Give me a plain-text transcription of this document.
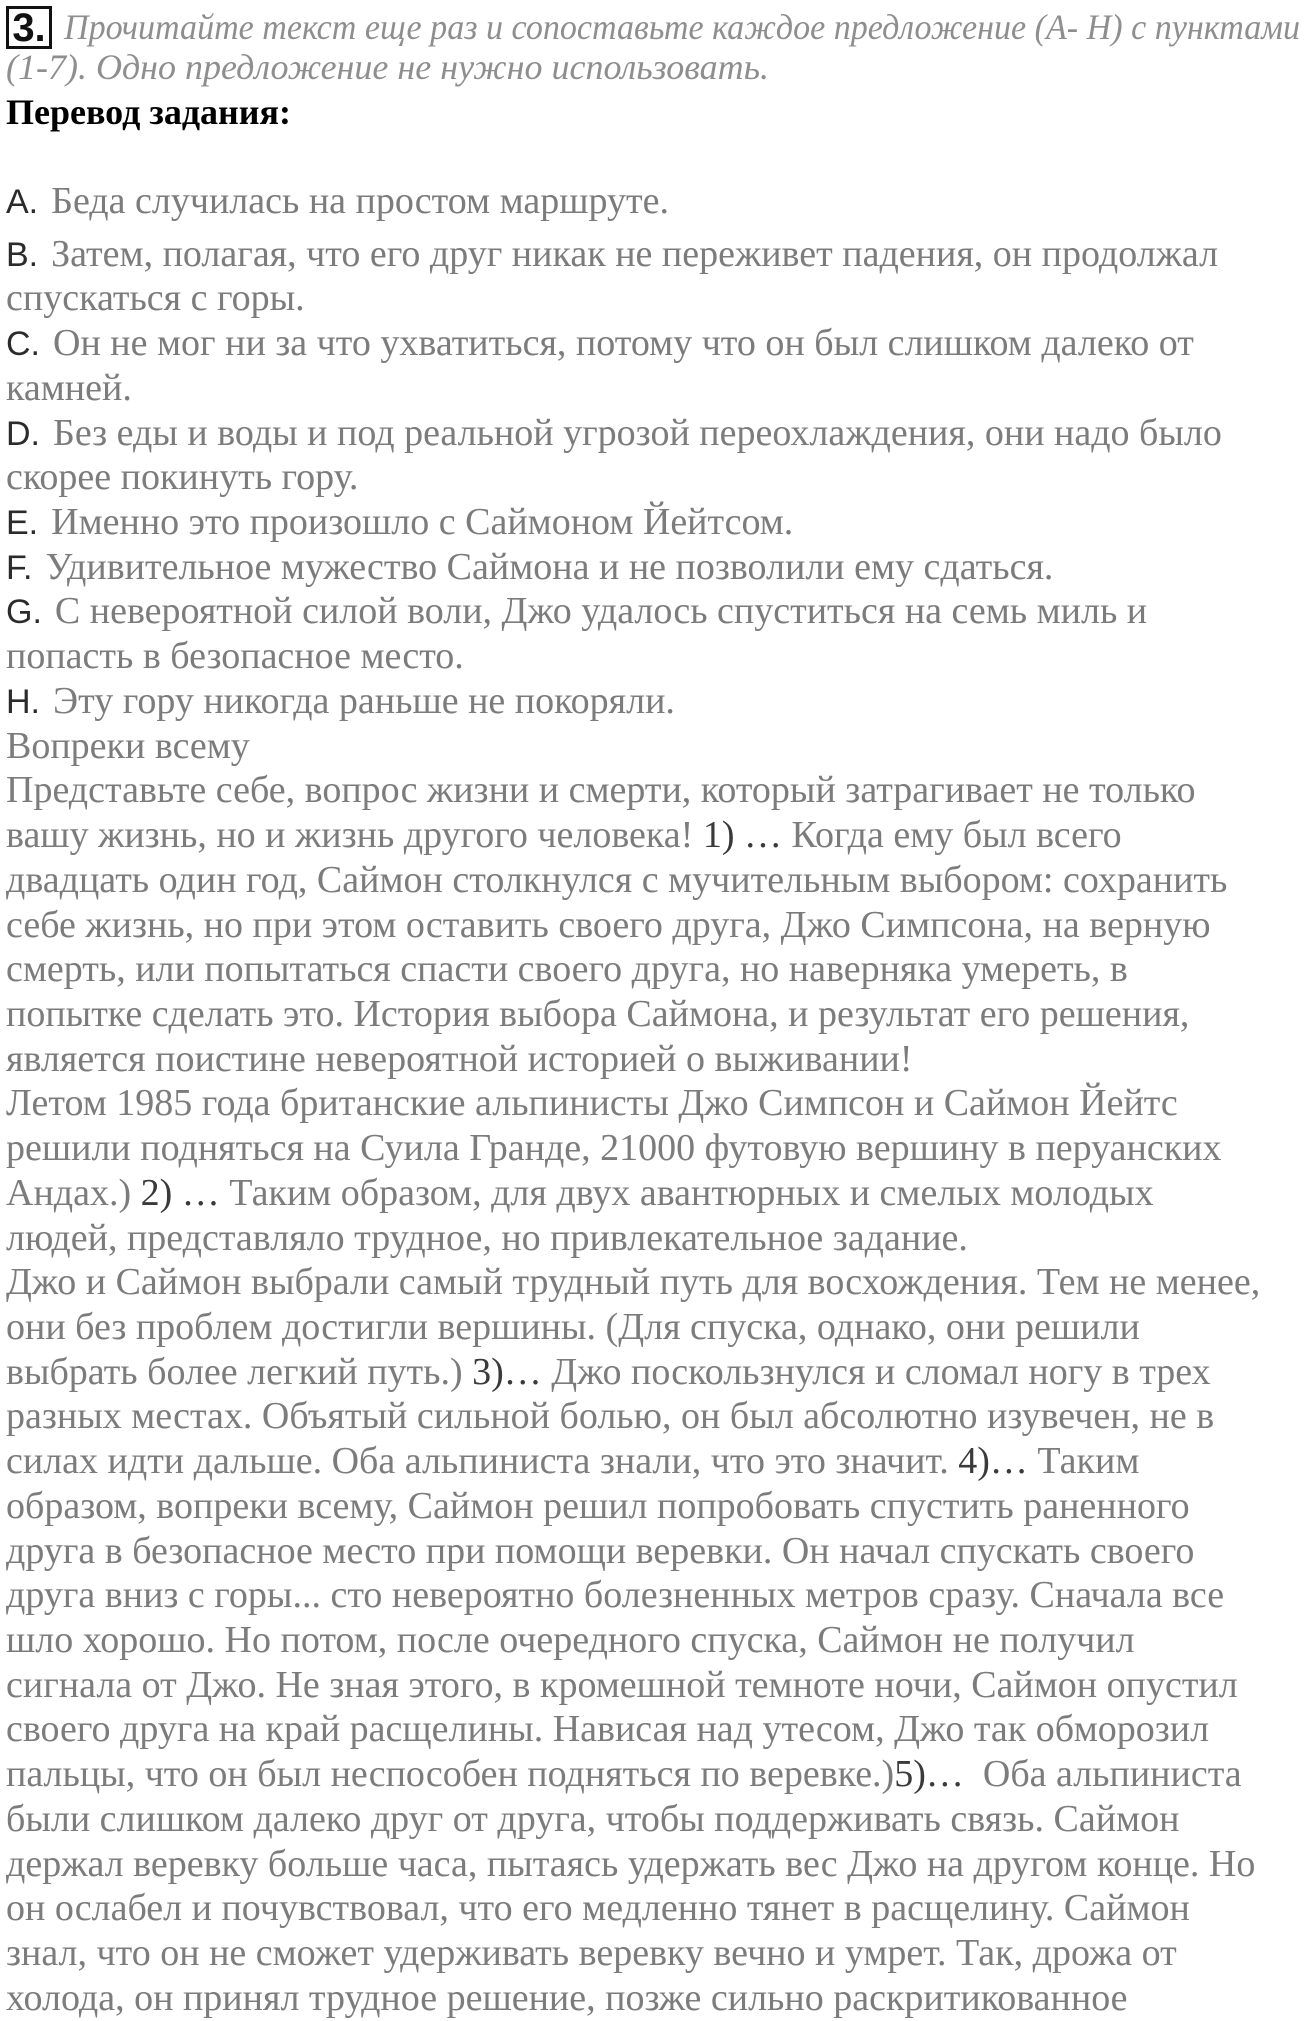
3. Прочитайте текст еще раз и сопоставьте каждое предложение (А- Н) с пунктами
(1-7). Одно предложение не нужно использовать.
Перевод задания:
A. Беда случилась на простом маршруте.
B. Затем, полагая, что его друг никак не переживет падения, он продолжал
спускаться с горы.
C. Он не мог ни за что ухватиться, потому что он был слишком далеко от
камней.
D. Без еды и воды и под реальной угрозой переохлаждения, они надо было
скорее покинуть гору.
E. Именно это произошло с Саймоном Йейтсом.
F. Удивительное мужество Саймона и не позволили ему сдаться.
G. С невероятной силой воли, Джо удалось спуститься на семь миль и
попасть в безопасное место.
H. Эту гору никогда раньше не покоряли.
Вопреки всему
Представьте себе, вопрос жизни и смерти, который затрагивает не только
вашу жизнь, но и жизнь другого человека! 1) … Когда ему был всего
двадцать один год, Саймон столкнулся с мучительным выбором: сохранить
себе жизнь, но при этом оставить своего друга, Джо Симпсона, на верную
смерть, или попытаться спасти своего друга, но наверняка умереть, в
попытке сделать это. История выбора Саймона, и результат его решения,
является поистине невероятной историей о выживании!
Летом 1985 года британские альпинисты Джо Симпсон и Саймон Йейтс
решили подняться на Суила Гранде, 21000 футовую вершину в перуанских
Андах.) 2) … Таким образом, для двух авантюрных и смелых молодых
людей, представляло трудное, но привлекательное задание.
Джо и Саймон выбрали самый трудный путь для восхождения. Тем не менее,
они без проблем достигли вершины. (Для спуска, однако, они решили
выбрать более легкий путь.) 3)… Джо поскользнулся и сломал ногу в трех
разных местах. Объятый сильной болью, он был абсолютно изувечен, не в
силах идти дальше. Оба альпиниста знали, что это значит. 4)… Таким
образом, вопреки всему, Саймон решил попробовать спустить раненного
друга в безопасное место при помощи веревки. Он начал спускать своего
друга вниз с горы... сто невероятно болезненных метров сразу. Сначала все
шло хорошо. Но потом, после очередного спуска, Саймон не получил
сигнала от Джо. Не зная этого, в кромешной темноте ночи, Саймон опустил
своего друга на край расщелины. Нависая над утесом, Джо так обморозил
пальцы, что он был неспособен подняться по веревке.)5)…  Оба альпиниста
были слишком далеко друг от друга, чтобы поддерживать связь. Саймон
держал веревку больше часа, пытаясь удержать вес Джо на другом конце. Но
он ослабел и почувствовал, что его медленно тянет в расщелину. Саймон
знал, что он не сможет удерживать веревку вечно и умрет. Так, дрожа от
холода, он принял трудное решение, позже сильно раскритикованное
